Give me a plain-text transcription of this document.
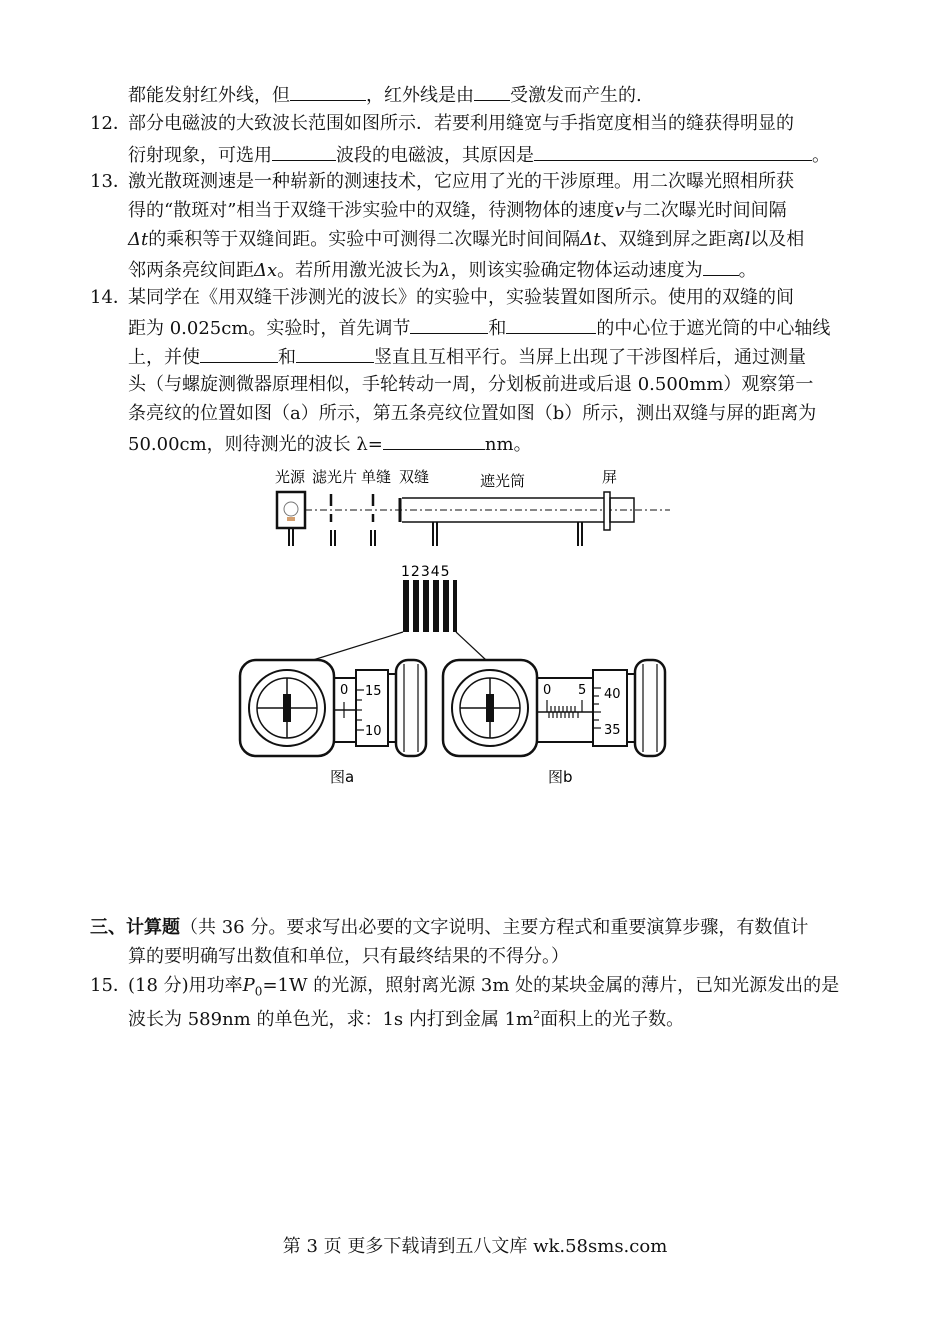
都能发射红外线，但	，红外线是由 受激发而产生的.
12．
部分电磁波的大致波长范围如图所示．若要利用缝宽与手指宽度相当的缝获得明显的
衍射现象，可选用	波段的电磁波，其原因是	。
13．
激光散斑测速是一种崭新的测速技术，它应用了光的干涉原理。用二次曝光照相所获
得的“散斑对”相当于双缝干涉实验中的双缝，待测物体的速度v与二次曝光时间间隔
Δt的乘积等于双缝间距。实验中可测得二次曝光时间间隔Δt、双缝到屏之距离l以及相
邻两条亮纹间距Δx。若所用激光波长为λ，则该实验确定物体运动速度为 。
14．
某同学在《用双缝干涉测光的波长》的实验中，实验装置如图所示。使用的双缝的间
距为 0.025cm。实验时，首先调节	和	的中心位于遮光筒的中心轴线
上，并使	和	竖直且互相平行。当屏上出现了干涉图样后，通过测量
头（与螺旋测微器原理相似，手轮转动一周，分划板前进或后退 0.500mm）观察第一
条亮纹的位置如图（a）所示，第五条亮纹位置如图（b）所示，测出双缝与屏的距离为
50.00cm，则待测光的波长 λ=	nm。
光源 滤光片 单缝 双缝	遮光筒	屏
12345
0 15
10
0 5 40
35
图a	图b
三、计算题（共 36 分。要求写出必要的文字说明、主要方程式和重要演算步骤，有数值计
算的要明确写出数值和单位，只有最终结果的不得分。）
15．
(18 分)用功率$P_0=1W$ 的光源，照射离光源 3m 处的某块金属的薄片，已知光源发出的是
波长为 589nm 的单色光，求：1s 内打到金属 $1m^2$面积上的光子数。
第 3 页 更多下载请到五八文库 wk.58sms.com
